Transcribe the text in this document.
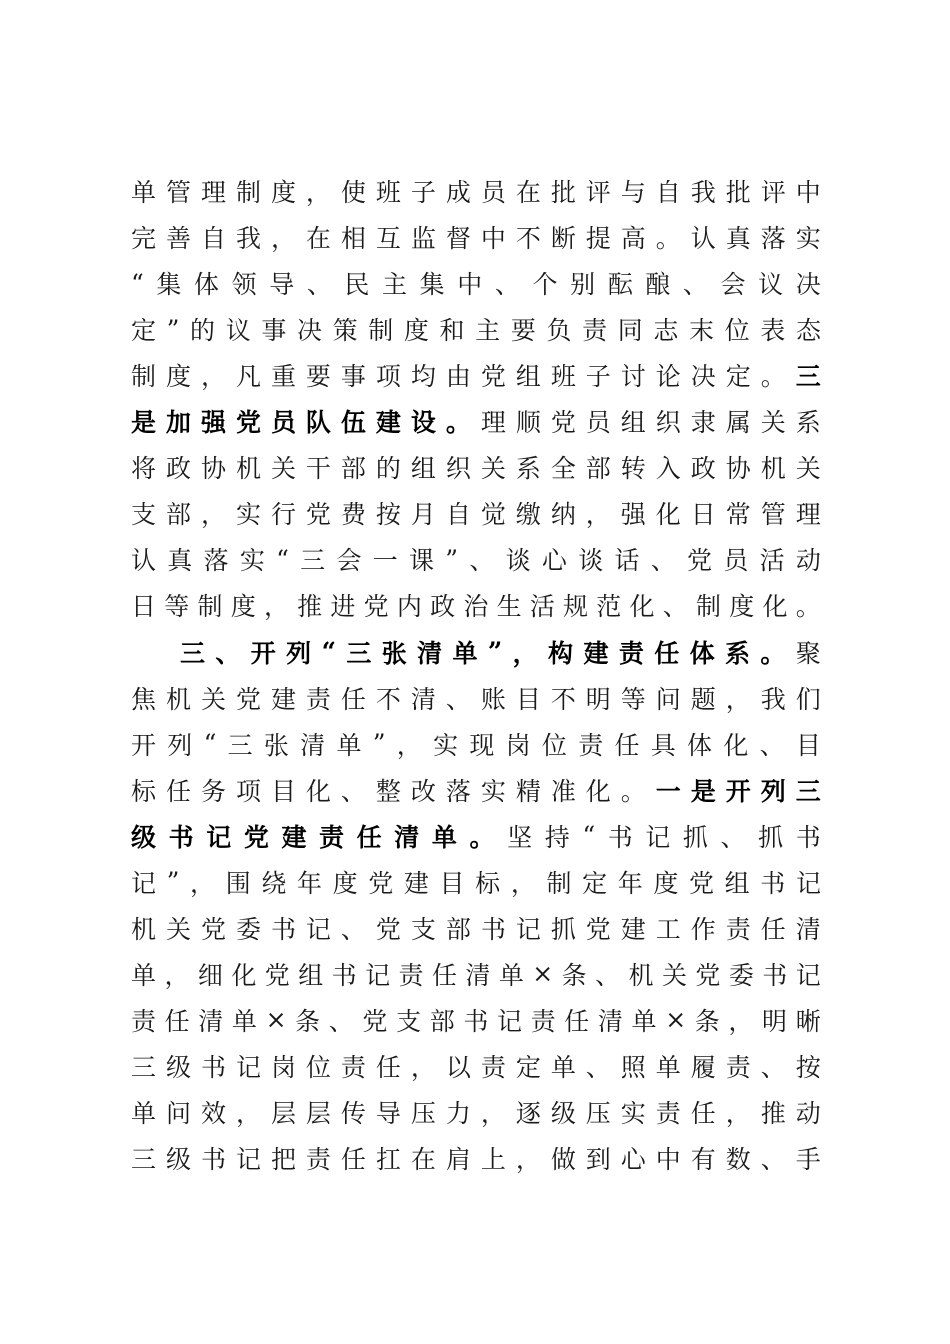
单 管 理 制 度 ， 使 班 子 成 员 在 批 评 与 自 我 批 评 中
完 善 自 我 ， 在 相 互 监 督 中 不 断 提 高 。 认 真 落 实
“ 集 体 领 导 、 民 主 集 中 、 个 别 酝 酿 、 会 议 决
定 ” 的 议 事 决 策 制 度 和 主 要 负 责 同 志 末 位 表 态
制 度 ， 凡 重 要 事 项 均 由 党 组 班 子 讨 论 决 定 。 三
是 加 强 党 员 队 伍 建 设 。 理 顺 党 员 组 织 隶 属 关 系
将 政 协 机 关 干 部 的 组 织 关 系 全 部 转 入 政 协 机 关
支 部 ， 实 行 党 费 按 月 自 觉 缴 纳 ， 强 化 日 常 管 理
认 真 落 实 “ 三 会 一 课 ” 、 谈 心 谈 话 、 党 员 活 动
日 等 制 度 ， 推 进 党 内 政 治 生 活 规 范 化 、 制 度 化 。
三 、 开 列 “ 三 张 清 单 ” ， 构 建 责 任 体 系 。 聚
焦 机 关 党 建 责 任 不 清 、 账 目 不 明 等 问 题 ， 我 们
开 列 “ 三 张 清 单 ” ， 实 现 岗 位 责 任 具 体 化 、 目
标 任 务 项 目 化 、 整 改 落 实 精 准 化 。 一 是 开 列 三
级 书 记 党 建 责 任 清 单 。 坚 持 “ 书 记 抓 、 抓 书
记 ” ， 围 绕 年 度 党 建 目 标 ， 制 定 年 度 党 组 书 记
机 关 党 委 书 记 、 党 支 部 书 记 抓 党 建 工 作 责 任 清
单 ， 细 化 党 组 书 记 责 任 清 单 × 条 、 机 关 党 委 书 记
责 任 清 单 × 条 、 党 支 部 书 记 责 任 清 单 × 条 ， 明 晰
三 级 书 记 岗 位 责 任 ， 以 责 定 单 、 照 单 履 责 、 按
单 问 效 ， 层 层 传 导 压 力 ， 逐 级 压 实 责 任 ， 推 动
三 级 书 记 把 责 任 扛 在 肩 上 ， 做 到 心 中 有 数 、 手
